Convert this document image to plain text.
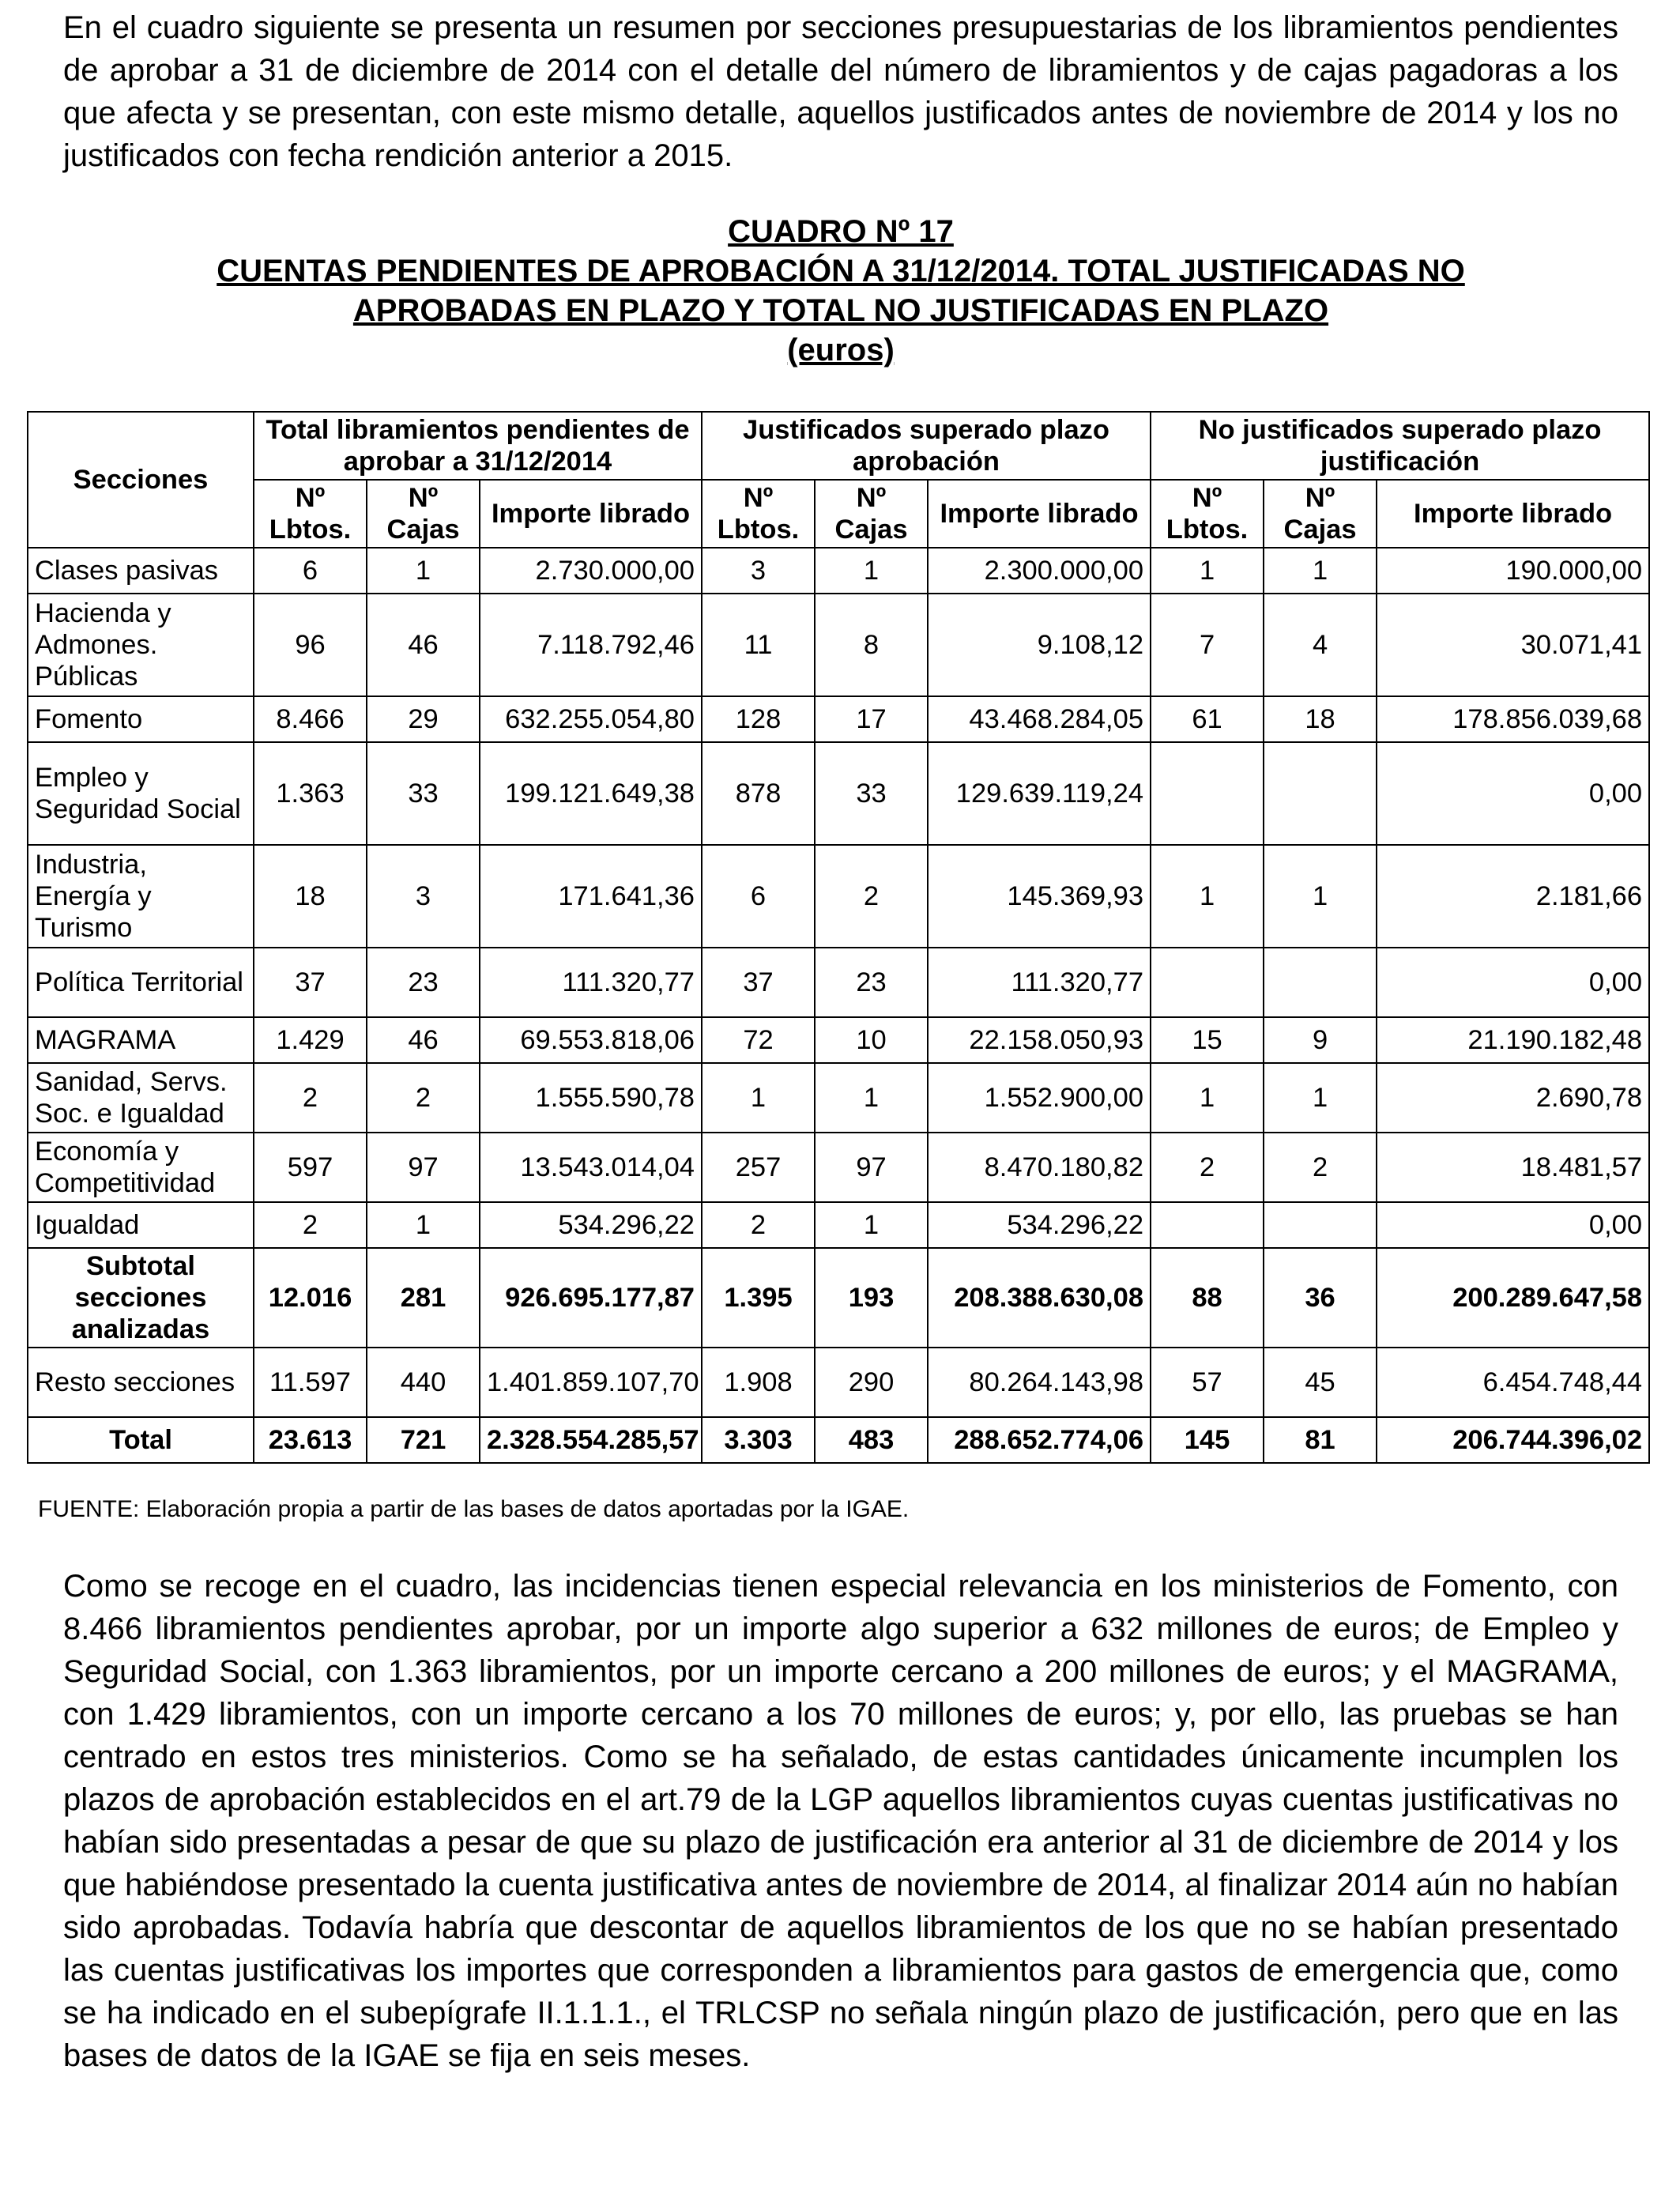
En el cuadro siguiente se presenta un resumen por secciones presupuestarias de los libramientos pendientes de aprobar a 31 de diciembre de 2014 con el detalle del número de libramientos y de cajas pagadoras a los que afecta y se presentan, con este mismo detalle, aquellos justificados antes de noviembre de 2014 y los no justificados con fecha rendición anterior a 2015.

CUADRO Nº 17
CUENTAS PENDIENTES DE APROBACIÓN A 31/12/2014. TOTAL JUSTIFICADAS NO
APROBADAS EN PLAZO Y TOTAL NO JUSTIFICADAS EN PLAZO
(euros)
Secciones	Total libramientos pendientes de aprobar a 31/12/2014			Justificados superado plazo aprobación			No justificados superado plazo justificación		
	Nº Lbtos.	Nº Cajas	Importe librado	Nº Lbtos.	Nº Cajas	Importe librado	Nº Lbtos.	Nº Cajas	Importe librado
Clases pasivas	6	1	2.730.000,00	3	1	2.300.000,00	1	1	190.000,00
Hacienda y Admones. Públicas	96	46	7.118.792,46	11	8	9.108,12	7	4	30.071,41
Fomento	8.466	29	632.255.054,80	128	17	43.468.284,05	61	18	178.856.039,68
Empleo y Seguridad Social	1.363	33	199.121.649,38	878	33	129.639.119,24			0,00
Industria, Energía y Turismo	18	3	171.641,36	6	2	145.369,93	1	1	2.181,66
Política Territorial	37	23	111.320,77	37	23	111.320,77			0,00
MAGRAMA	1.429	46	69.553.818,06	72	10	22.158.050,93	15	9	21.190.182,48
Sanidad, Servs. Soc. e Igualdad	2	2	1.555.590,78	1	1	1.552.900,00	1	1	2.690,78
Economía y Competitividad	597	97	13.543.014,04	257	97	8.470.180,82	2	2	18.481,57
Igualdad	2	1	534.296,22	2	1	534.296,22			0,00
Subtotal secciones analizadas	12.016	281	926.695.177,87	1.395	193	208.388.630,08	88	36	200.289.647,58
Resto secciones	11.597	440	1.401.859.107,70	1.908	290	80.264.143,98	57	45	6.454.748,44
Total	23.613	721	2.328.554.285,57	3.303	483	288.652.774,06	145	81	206.744.396,02

FUENTE: Elaboración propia a partir de las bases de datos aportadas por la IGAE.

Como se recoge en el cuadro, las incidencias tienen especial relevancia en los ministerios de Fomento, con 8.466 libramientos pendientes aprobar, por un importe algo superior a 632 millones de euros; de Empleo y Seguridad Social, con 1.363 libramientos, por un importe cercano a 200 millones de euros; y el MAGRAMA, con 1.429 libramientos, con un importe cercano a los 70 millones de euros; y, por ello, las pruebas se han centrado en estos tres ministerios. Como se ha señalado, de estas cantidades únicamente incumplen los plazos de aprobación establecidos en el art.79 de la LGP aquellos libramientos cuyas cuentas justificativas no habían sido presentadas a pesar de que su plazo de justificación era anterior al 31 de diciembre de 2014 y los que habiéndose presentado la cuenta justificativa antes de noviembre de 2014, al finalizar 2014 aún no habían sido aprobadas. Todavía habría que descontar de aquellos libramientos de los que no se habían presentado las cuentas justificativas los importes que corresponden a libramientos para gastos de emergencia que, como se ha indicado en el subepígrafe II.1.1.1., el TRLCSP no señala ningún plazo de justificación, pero que en las bases de datos de la IGAE se fija en seis meses.
